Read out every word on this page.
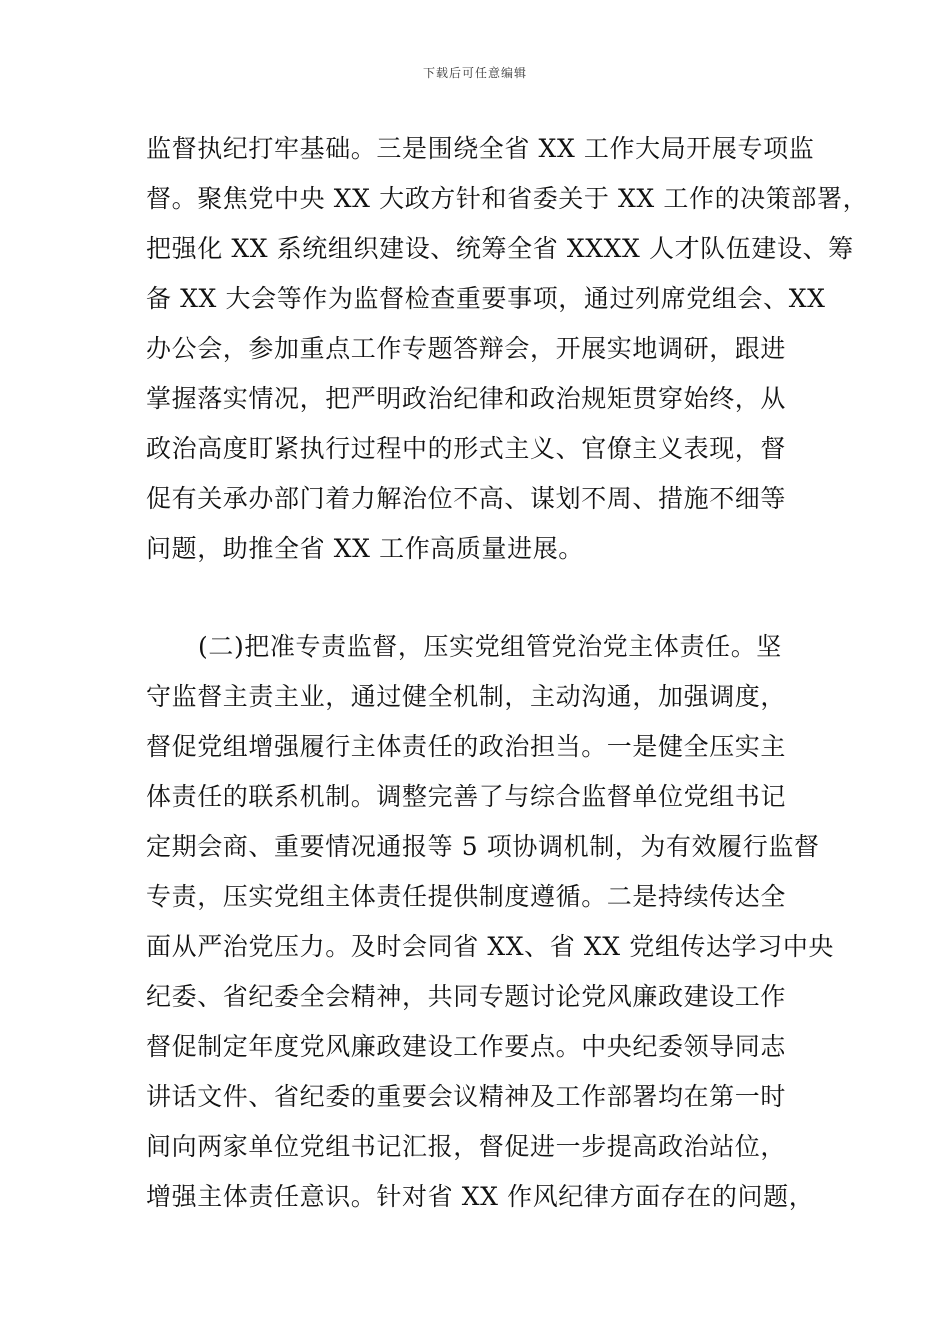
下载后可任意编辑
监督执纪打牢基础。三是围绕全省 XX 工作大局开展专项监
督。聚焦党中央 XX 大政方针和省委关于 XX 工作的决策部署，
把强化 XX 系统组织建设、统筹全省 XXXX 人才队伍建设、筹
备 XX 大会等作为监督检查重要事项，通过列席党组会、XX
办公会，参加重点工作专题答辩会，开展实地调研，跟进
掌握落实情况，把严明政治纪律和政治规矩贯穿始终，从
政治高度盯紧执行过程中的形式主义、官僚主义表现，督
促有关承办部门着力解治位不高、谋划不周、措施不细等
问题，助推全省 XX 工作高质量进展。
(二)把准专责监督，压实党组管党治党主体责任。坚
守监督主责主业，通过健全机制，主动沟通，加强调度，
督促党组增强履行主体责任的政治担当。一是健全压实主
体责任的联系机制。调整完善了与综合监督单位党组书记
定期会商、重要情况通报等 5 项协调机制，为有效履行监督
专责，压实党组主体责任提供制度遵循。二是持续传达全
面从严治党压力。及时会同省 XX、省 XX 党组传达学习中央
纪委、省纪委全会精神，共同专题讨论党风廉政建设工作
督促制定年度党风廉政建设工作要点。中央纪委领导同志
讲话文件、省纪委的重要会议精神及工作部署均在第一时
间向两家单位党组书记汇报，督促进一步提高政治站位，
增强主体责任意识。针对省 XX 作风纪律方面存在的问题，
